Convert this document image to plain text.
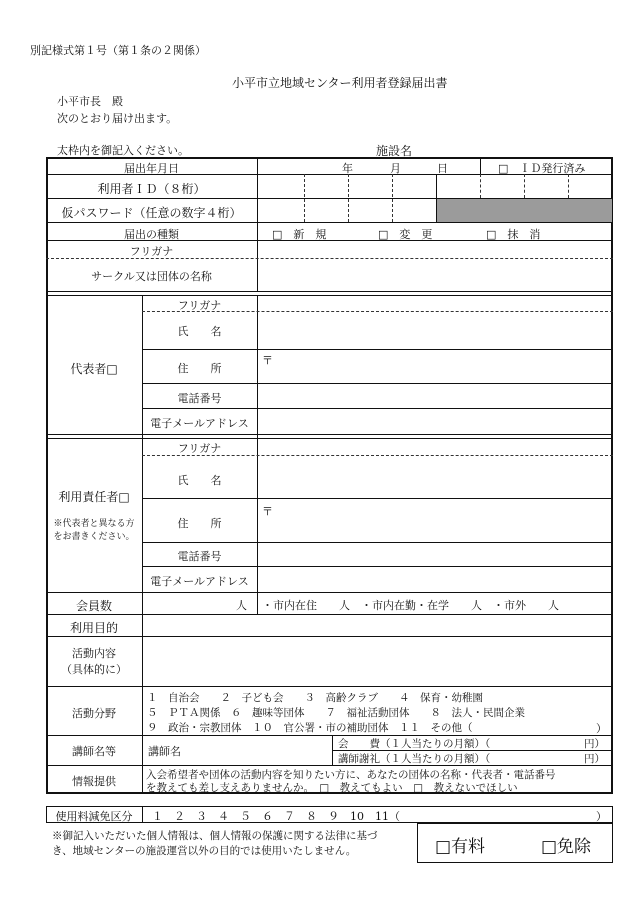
別記様式第１号（第１条の２関係）
小平市立地域センター利用者登録届出書
小平市長　殿
次のとおり届け出ます。
太枠内を御記入ください。	施設名
届出年月日	年	月	日	□　ＩＤ発行済み
利用者ＩＤ（８桁）
仮パスワード（任意の数字４桁）
届出の種類	□　新　規	□　変　更	□　抹　消
フリガナ
サークル又は団体の名称
代表者□
フリガナ
氏　　名
住　　所
〒
電話番号
電子メールアドレス
利用責任者□
※代表者と異なる方
をお書きください。
フリガナ
氏　　名
住　　所
〒
電話番号
電子メールアドレス
会員数	人 ・市内在住　　人　・市内在勤・在学　　人　・市外　　人
利用目的
活動内容
（具体的に）
活動分野
１　自治会　　２　子ども会　　３　高齢クラブ　　４　保育・幼稚園
５　ＰＴＡ関係　６　趣味等団体　　７　福祉活動団体　　８　法人・民間企業
９　政治・宗教団体　１０　官公署・市の補助団体　１１　その他（	）
講師名等	講師名
会　　費（１人当たりの月額）（	円）
講師謝礼（１人当たりの月額）（	円）
情報提供	入会希望者や団体の活動内容を知りたい方に、あなたの団体の名称・代表者・電話番号
を教えても差し支えありませんか。　□　教えてもよい　□　教えないでほしい
使用料減免区分	１　２　３　４　５　６　７　８　９　10　11（	）
※御記入いただいた個人情報は、個人情報の保護に関する法律に基づ
き、地域センターの施設運営以外の目的では使用いたしません。	□有料	□免除
